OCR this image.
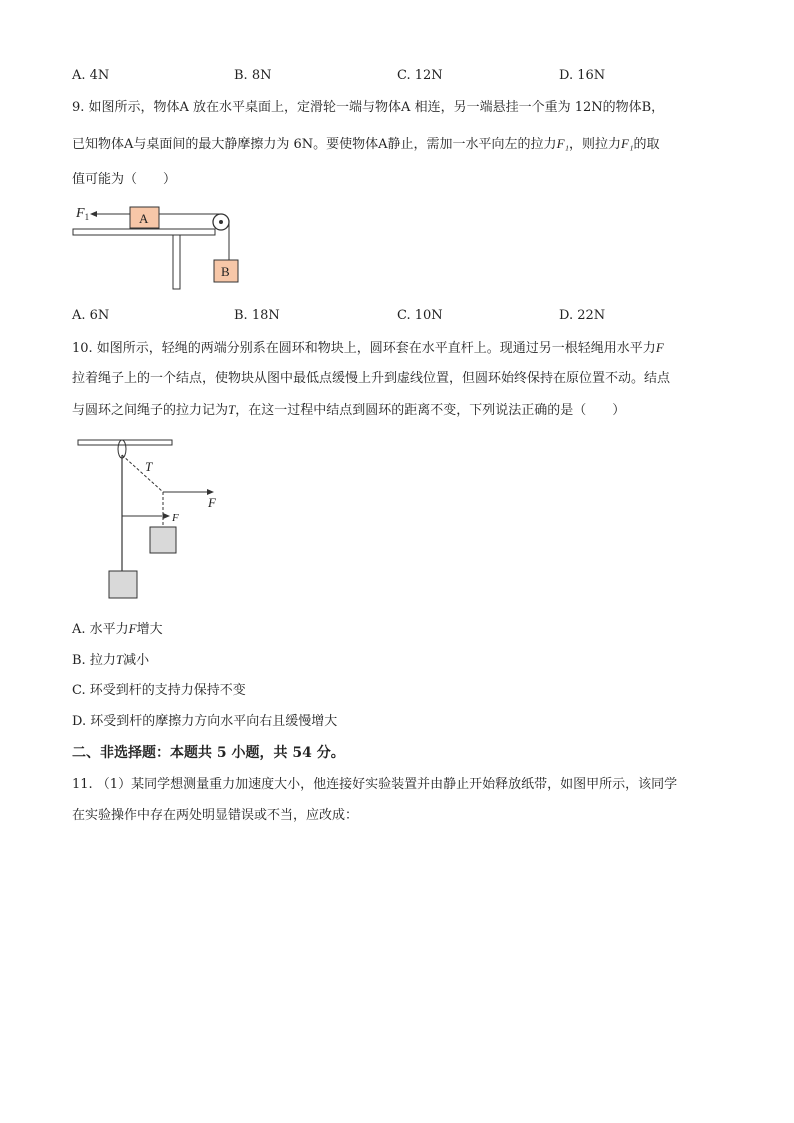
A. 4N	B. 8N	C. 12N	D. 16N
9. 如图所示，物体A 放在水平桌面上，定滑轮一端与物体A 相连，另一端悬挂一个重为 12N的物体B，
已知物体A与桌面间的最大静摩擦力为 6N。要使物体A静止，需加一水平向左的拉力F₁，则拉力F₁的取
值可能为（　　）
A
B
$F_1$
A. 6N	B. 18N	C. 10N	D. 22N
10. 如图所示，轻绳的两端分别系在圆环和物块上，圆环套在水平直杆上。现通过另一根轻绳用水平力F
拉着绳子上的一个结点，使物块从图中最低点缓慢上升到虚线位置，但圆环始终保持在原位置不动。结点
与圆环之间绳子的拉力记为T，在这一过程中结点到圆环的距离不变，下列说法正确的是（　　）
T
F
F
A. 水平力F增大
B. 拉力T减小
C. 环受到杆的支持力保持不变
D. 环受到杆的摩擦力方向水平向右且缓慢增大
二、非选择题：本题共 5 小题，共 54 分。
11. （1）某同学想测量重力加速度大小，他连接好实验装置并由静止开始释放纸带，如图甲所示，该同学
在实验操作中存在两处明显错误或不当，应改成：
